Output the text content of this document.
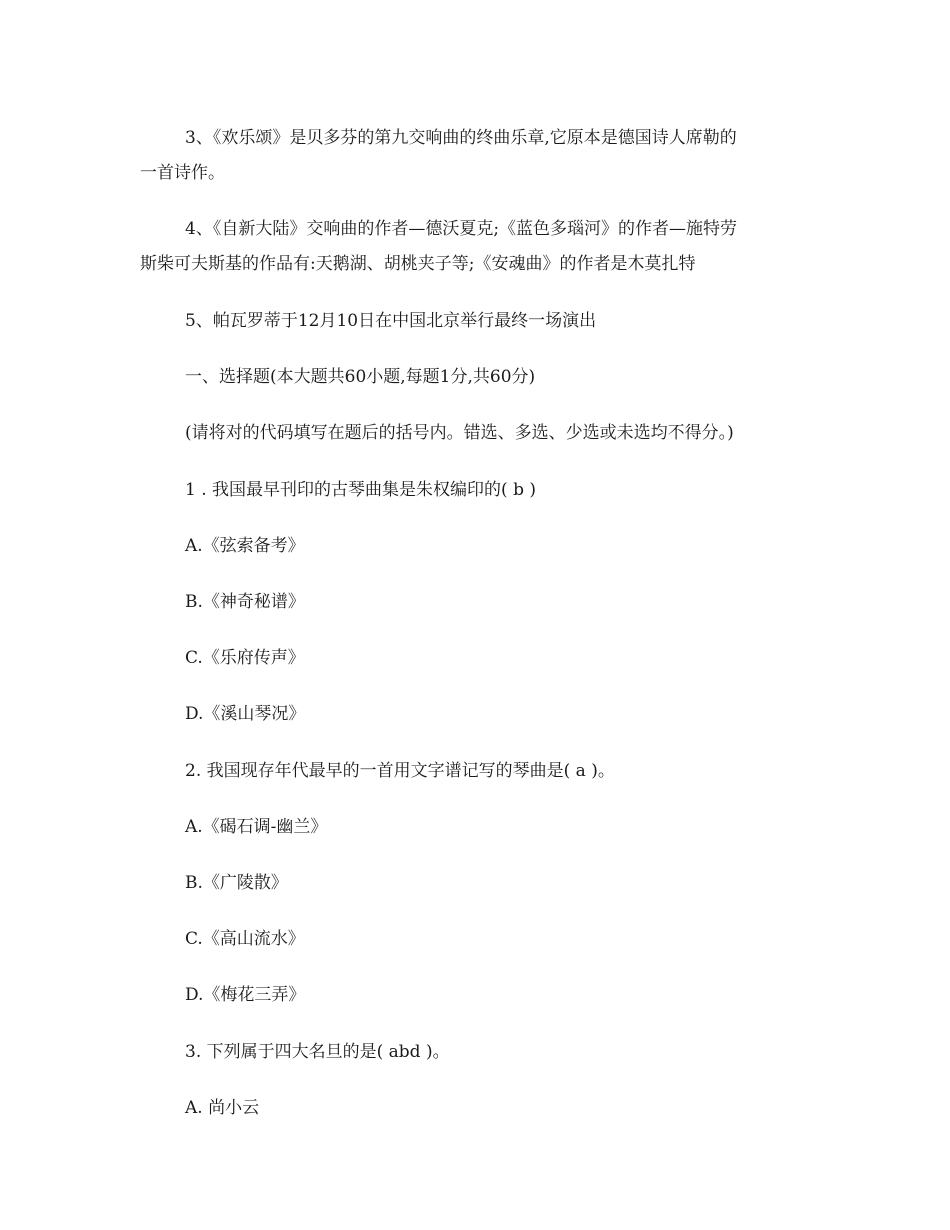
3、《欢乐颂》是贝多芬的第九交响曲的终曲乐章,它原本是德国诗人席勒的
一首诗作。
4、《自新大陆》交响曲的作者—德沃夏克;《蓝色多瑙河》的作者—施特劳
斯柴可夫斯基的作品有:天鹅湖、胡桃夹子等;《安魂曲》的作者是木莫扎特
5、帕瓦罗蒂于12月10日在中国北京举行最终一场演出
一、选择题(本大题共60小题,每题1分,共60分)
(请将对的代码填写在题后的括号内。错选、多选、少选或未选均不得分。)
1 . 我国最早刊印的古琴曲集是朱权编印的( b )
A.《弦索备考》
B.《神奇秘谱》
C.《乐府传声》
D.《溪山琴况》
2. 我国现存年代最早的一首用文字谱记写的琴曲是( a )。
A.《碣石调-幽兰》
B.《广陵散》
C.《高山流水》
D.《梅花三弄》
3. 下列属于四大名旦的是( abd )。
A. 尚小云
